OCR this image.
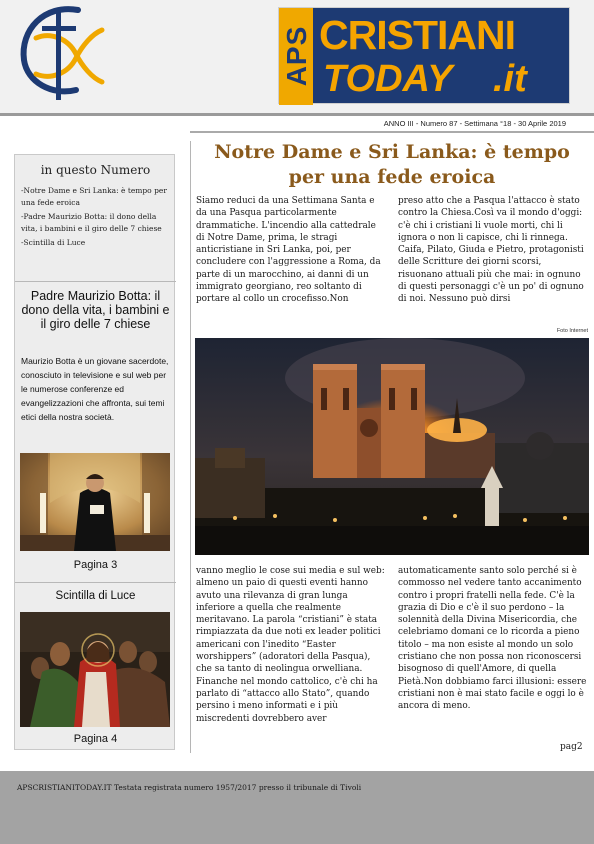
APS CRISTIANI
TODAY .it
ANNO III - Numero 87 - Settimana °18 - 30 Aprile 2019
in questo Numero
-Notre Dame e Sri Lanka: è tempo per una fede eroica
-Padre Maurizio Botta: il dono della vita, i bambini e il giro delle 7 chiese
-Scintilla di Luce
Padre Maurizio Botta: il dono della vita, i bambini e il giro delle 7 chiese
Maurizio Botta è un giovane sacerdote, conosciuto in televisione e sul web per le numerose conferenze ed evangelizzazioni che affronta, sui temi etici della nostra società.
Pagina 3
Scintilla di Luce
Pagina 4
Notre Dame e Sri Lanka: è tempo per una fede eroica
Siamo reduci da una Settimana Santa e da una Pasqua particolarmente drammatiche. L'incendio alla cattedrale di Notre Dame, prima, le stragi anticristiane in Sri Lanka, poi, per concludere con l'aggressione a Roma, da parte di un marocchino, ai danni di un immigrato georgiano, reo soltanto di portare al collo un crocefisso.Non
preso atto che a Pasqua l'attacco è stato contro la Chiesa.Così va il mondo d'oggi: c'è chi i cristiani li vuole morti, chi li ignora o non li capisce, chi li rinnega. Caifa, Pilato, Giuda e Pietro, protagonisti delle Scritture dei giorni scorsi, risuonano attuali più che mai: in ognuno di questi personaggi c'è un po' di ognuno di noi. Nessuno può dirsi
Foto Internet
vanno meglio le cose sui media e sul web: almeno un paio di questi eventi hanno avuto una rilevanza di gran lunga inferiore a quella che realmente meritavano. La parola “cristiani” è stata rimpiazzata da due noti ex leader politici americani con l'inedito “Easter worshippers” (adoratori della Pasqua), che sa tanto di neolingua orwelliana. Finanche nel mondo cattolico, c'è chi ha parlato di “attacco allo Stato”, quando persino i meno informati e i più miscredenti dovrebbero aver
automaticamente santo solo perché si è commosso nel vedere tanto accanimento contro i propri fratelli nella fede. C'è la grazia di Dio e c'è il suo perdono – la solennità della Divina Misericordia, che celebriamo domani ce lo ricorda a pieno titolo – ma non esiste al mondo un solo cristiano che non possa non riconoscersi bisognoso di quell'Amore, di quella Pietà.Non dobbiamo farci illusioni: essere cristiani non è mai stato facile e oggi lo è ancora di meno.
pag2
APSCRISTIANITODAY.IT Testata registrata numero 1957/2017 presso il tribunale di Tivoli
